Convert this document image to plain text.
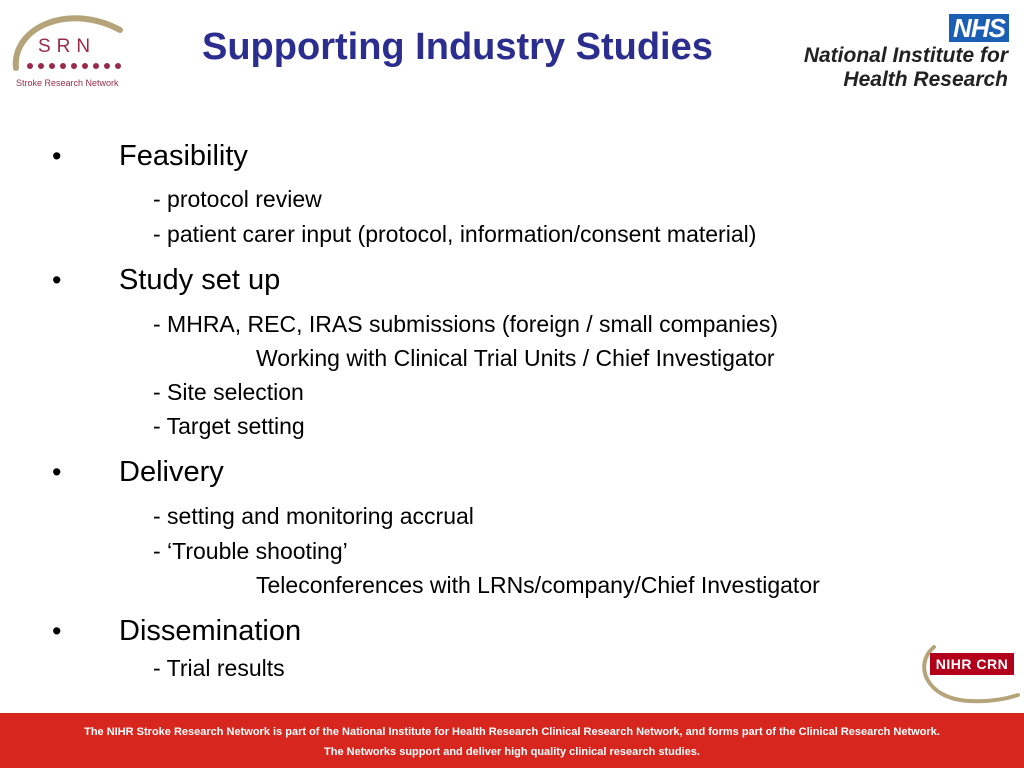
SRN
Stroke Research Network
Supporting Industry Studies	NHS
National Institute for
Health Research
• Feasibility
- protocol review
- patient carer input (protocol, information/consent material)
• Study set up
- MHRA, REC, IRAS submissions (foreign / small companies)
Working with Clinical Trial Units / Chief Investigator
- Site selection
- Target setting
• Delivery
- setting and monitoring accrual
- ‘Trouble shooting’
Teleconferences with LRNs/company/Chief Investigator
• Dissemination
- Trial results	NIHR CRN
The NIHR Stroke Research Network is part of the National Institute for Health Research Clinical Research Network, and forms part of the Clinical Research Network.
The Networks support and deliver high quality clinical research studies.
